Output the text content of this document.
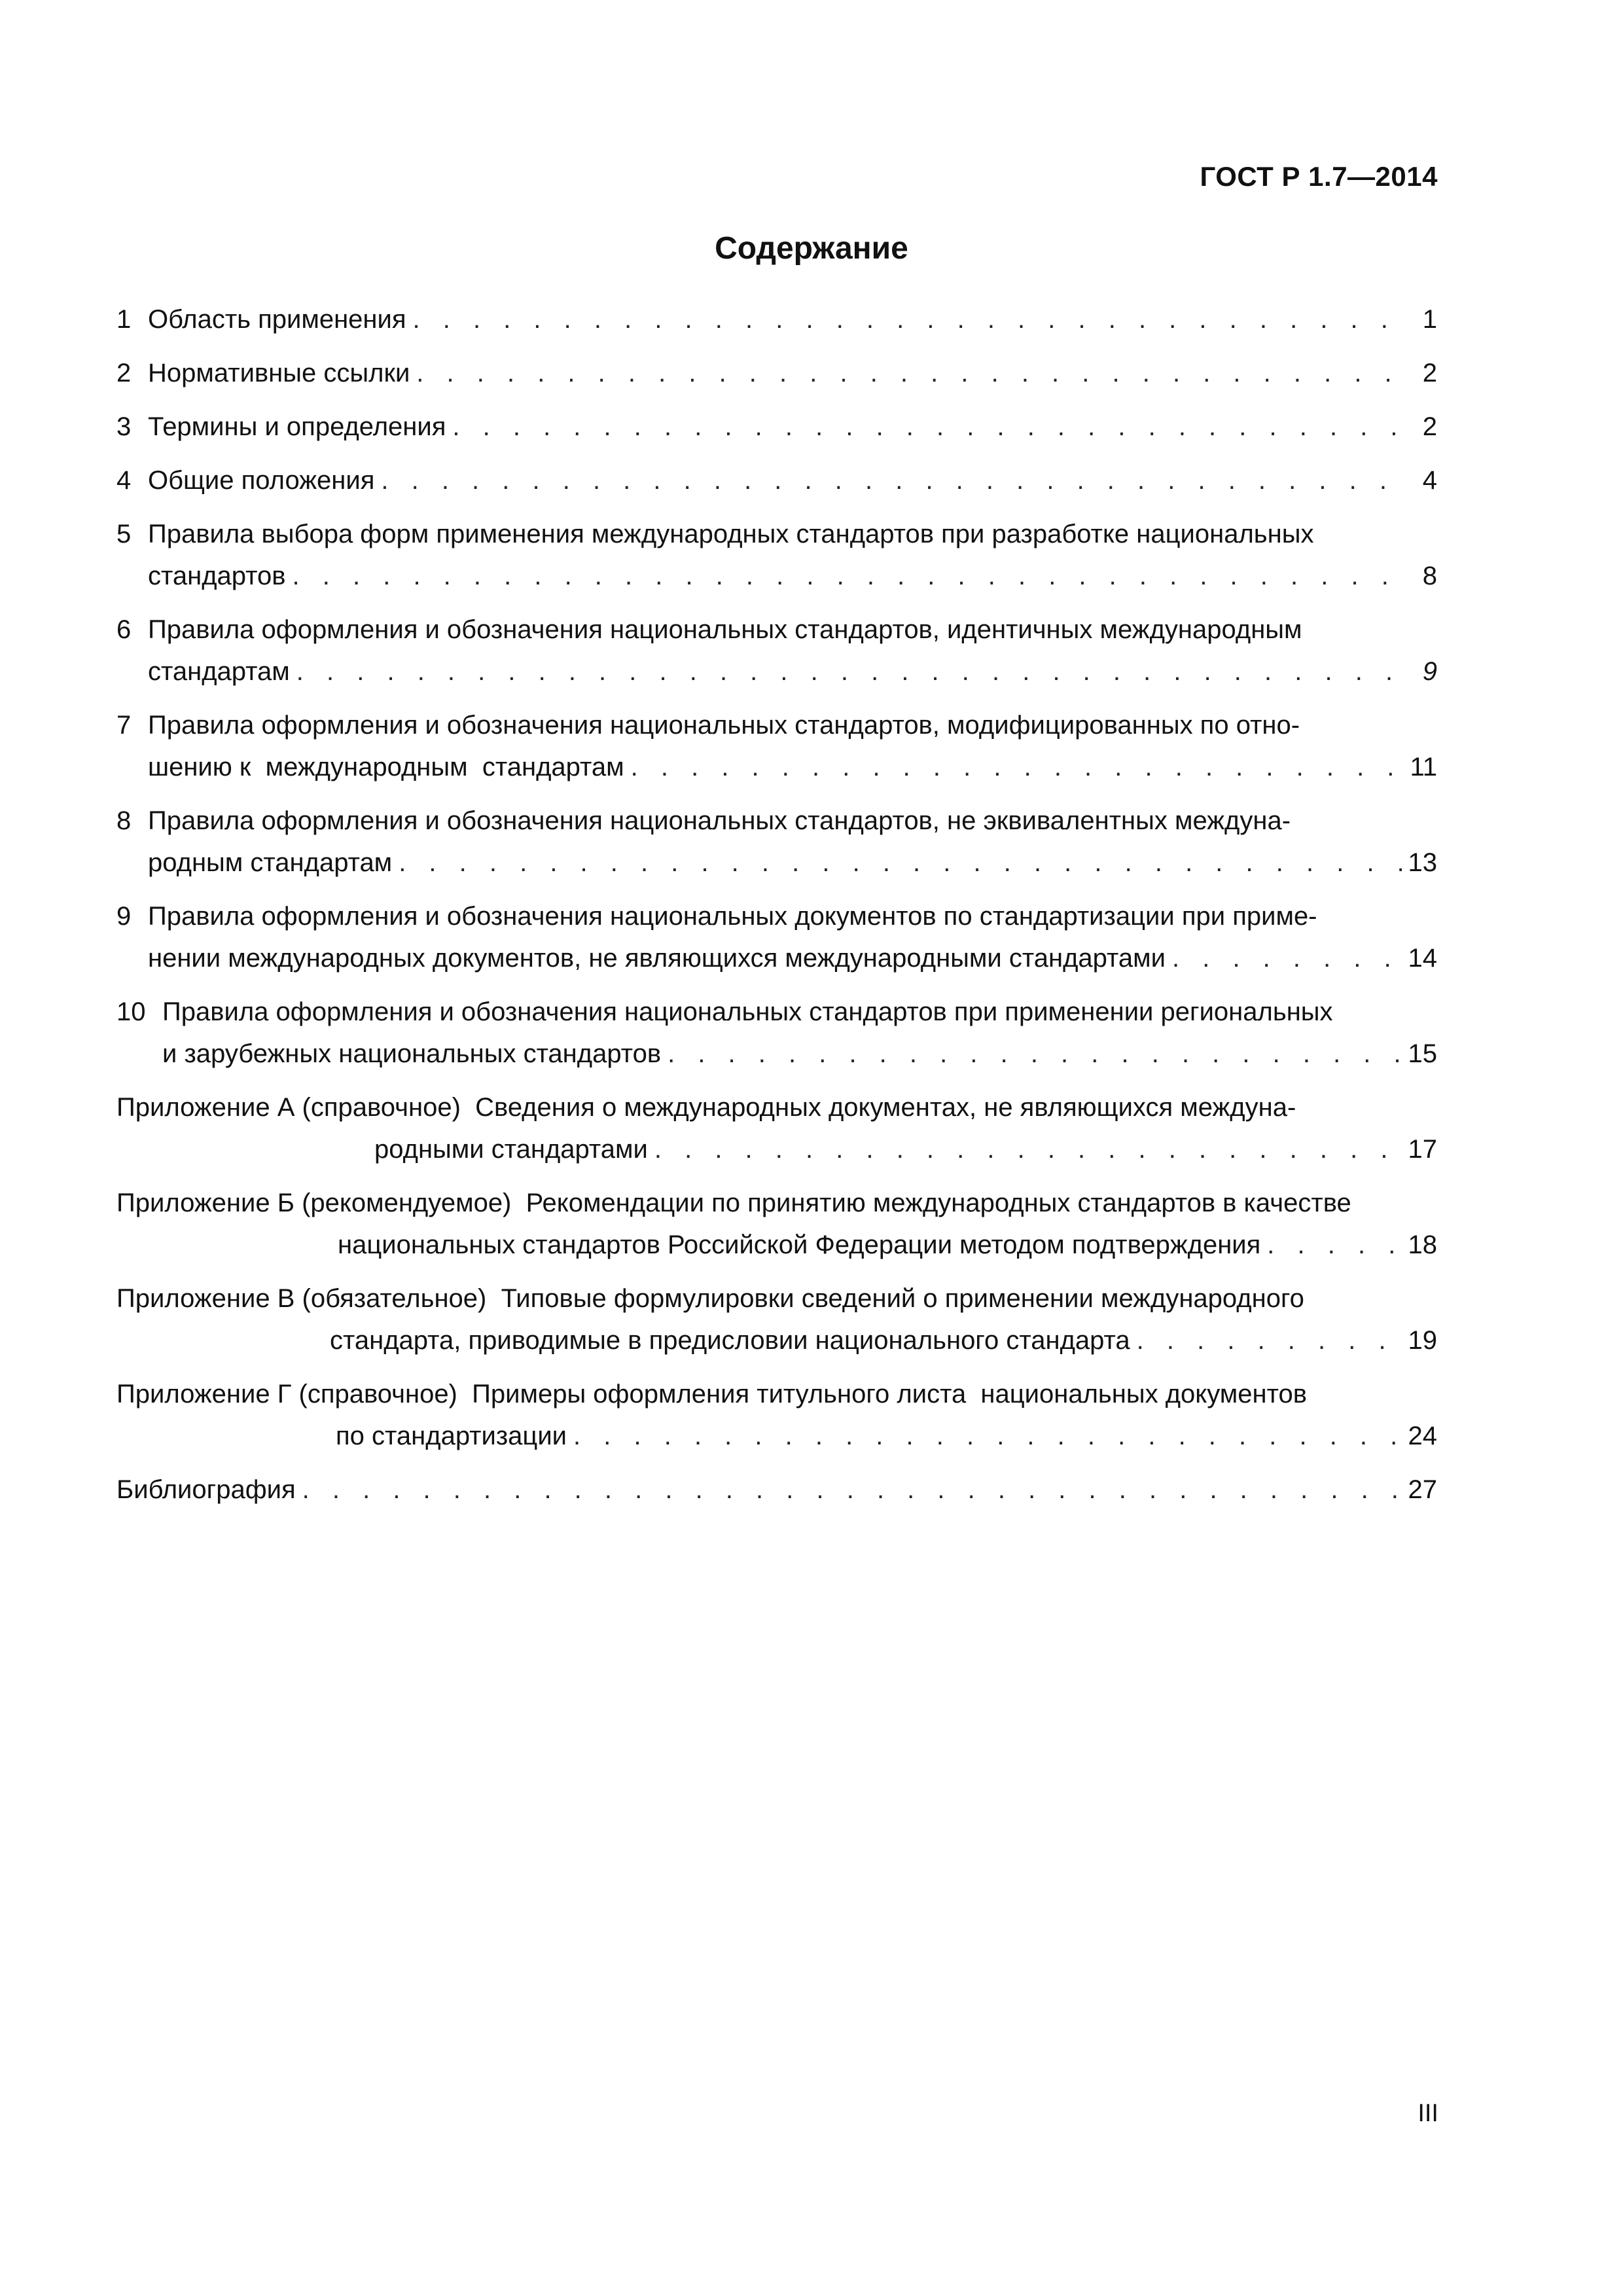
ГОСТ Р 1.7—2014
Содержание
1 Область применения . . .	1
2 Нормативные ссылки . . .	2
3 Термины и определения . . .	2
4 Общие положения . . .	4
5 Правила выбора форм применения международных стандартов при разработке национальных
стандартов . . .	8
6 Правила оформления и обозначения национальных стандартов, идентичных международным
стандартам . . .	9
7 Правила оформления и обозначения национальных стандартов, модифицированных по отно-
шению к  международным  стандартам . . .	11
8 Правила оформления и обозначения национальных стандартов, не эквивалентных междуна-
родным стандартам . . .	13
9 Правила оформления и обозначения национальных документов по стандартизации при приме-
нении международных документов, не являющихся международными стандартами . . .	14
10 Правила оформления и обозначения национальных стандартов при применении региональных
и зарубежных национальных стандартов . . .	15
Приложение А (справочное)  Сведения о международных документах, не являющихся междуна-
родными стандартами . . .	17
Приложение Б (рекомендуемое)  Рекомендации по принятию международных стандартов в качестве
национальных стандартов Российской Федерации методом подтверждения . . .	18
Приложение В (обязательное)  Типовые формулировки сведений о применении международного
стандарта, приводимые в предисловии национального стандарта . . .	19
Приложение Г (справочное)  Примеры оформления титульного листа  национальных документов
по стандартизации . . .	24
Библиография . . .	27
III
